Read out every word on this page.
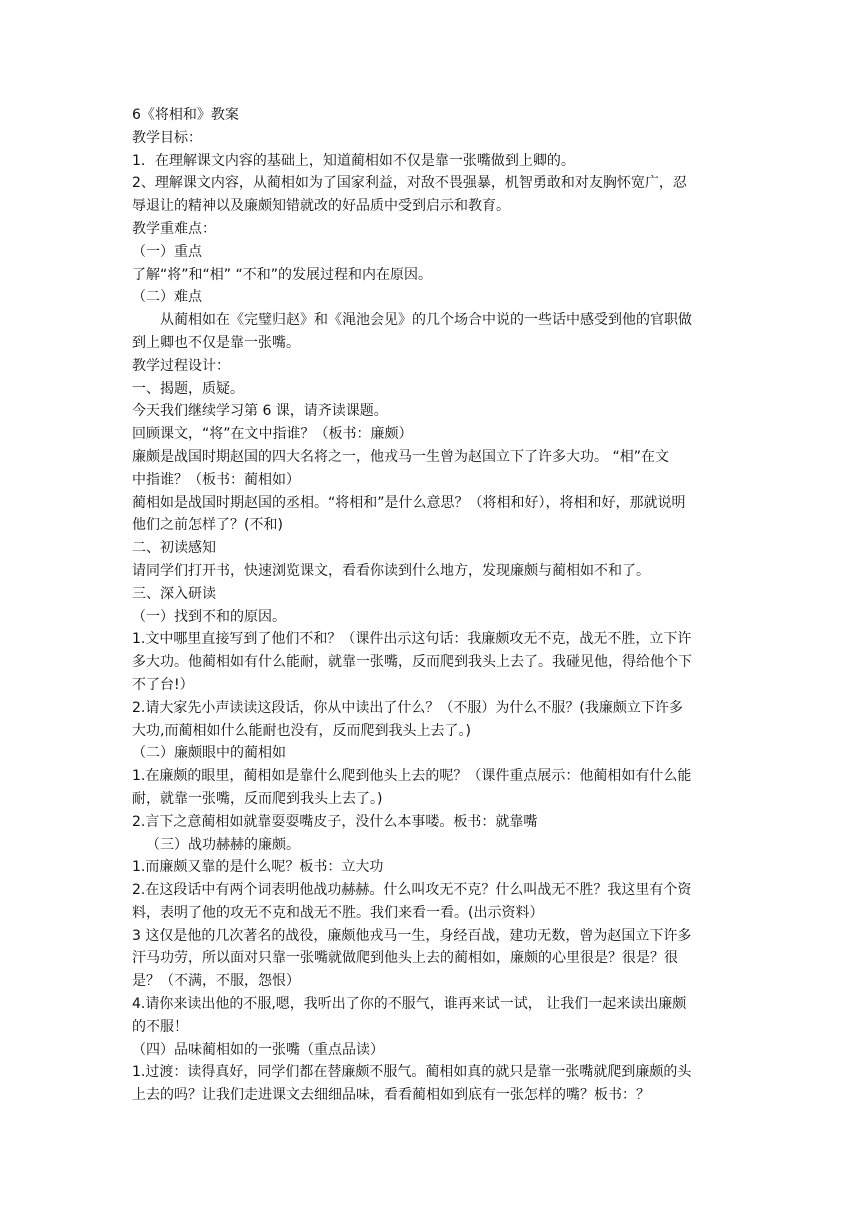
6《将相和》教案
教学目标：
1．在理解课文内容的基础上，知道蔺相如不仅是靠一张嘴做到上卿的。
2、理解课文内容，从蔺相如为了国家利益，对敌不畏强暴，机智勇敢和对友胸怀宽广，忍
辱退让的精神以及廉颇知错就改的好品质中受到启示和教育。
教学重难点：
（一）重点
了解“将”和“相” “不和”的发展过程和内在原因。
（二）难点
从蔺相如在《完璧归赵》和《渑池会见》的几个场合中说的一些话中感受到他的官职做
到上卿也不仅是靠一张嘴。
教学过程设计：
一、揭题，质疑。
今天我们继续学习第 6 课，请齐读课题。
回顾课文，“将”在文中指谁？（板书：廉颇）
廉颇是战国时期赵国的四大名将之一，他戎马一生曾为赵国立下了许多大功。 “相”在文
中指谁？（板书：蔺相如）
蔺相如是战国时期赵国的丞相。“将相和”是什么意思？（将相和好），将相和好，那就说明
他们之前怎样了？(不和)
二、初读感知
请同学们打开书，快速浏览课文，看看你读到什么地方，发现廉颇与蔺相如不和了。
三、深入研读
（一）找到不和的原因。
1.文中哪里直接写到了他们不和？（课件出示这句话：我廉颇攻无不克，战无不胜，立下许
多大功。他蔺相如有什么能耐，就靠一张嘴，反而爬到我头上去了。我碰见他，得给他个下
不了台!）
2.请大家先小声读读这段话，你从中读出了什么？（不服）为什么不服？(我廉颇立下许多
大功,而蔺相如什么能耐也没有，反而爬到我头上去了。)
（二）廉颇眼中的蔺相如
1.在廉颇的眼里，蔺相如是靠什么爬到他头上去的呢？（课件重点展示：他蔺相如有什么能
耐，就靠一张嘴，反而爬到我头上去了。)
2.言下之意蔺相如就靠耍耍嘴皮子，没什么本事喽。板书：就靠嘴
（三）战功赫赫的廉颇。
1.而廉颇又靠的是什么呢？板书：立大功
2.在这段话中有两个词表明他战功赫赫。什么叫攻无不克？什么叫战无不胜？我这里有个资
料，表明了他的攻无不克和战无不胜。我们来看一看。(出示资料）
3 这仅是他的几次著名的战役，廉颇他戎马一生，身经百战，建功无数，曾为赵国立下许多
汗马功劳，所以面对只靠一张嘴就做爬到他头上去的蔺相如，廉颇的心里很是？很是？很
是？（不满，不服，怨恨）
4.请你来读出他的不服,嗯，我听出了你的不服气，谁再来试一试， 让我们一起来读出廉颇
的不服！
（四）品味蔺相如的一张嘴（重点品读）
1.过渡：读得真好，同学们都在替廉颇不服气。蔺相如真的就只是靠一张嘴就爬到廉颇的头
上去的吗？让我们走进课文去细细品味，看看蔺相如到底有一张怎样的嘴？板书：？
